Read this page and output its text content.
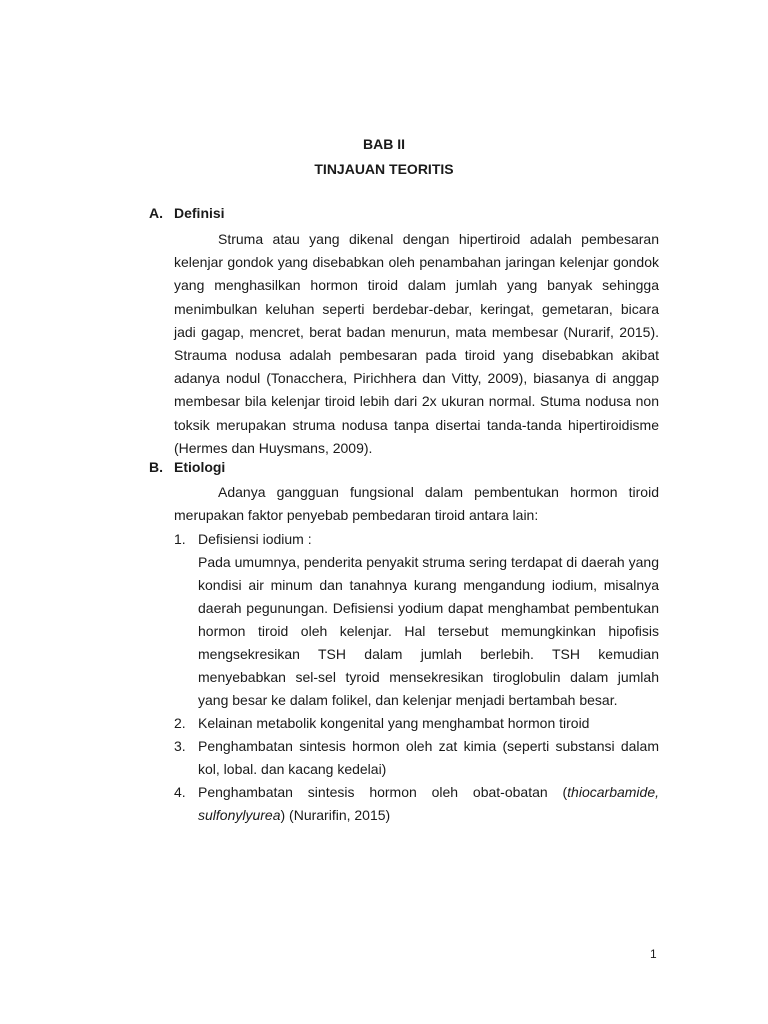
BAB II
TINJAUAN TEORITIS
A. Definisi

Struma atau yang dikenal dengan hipertiroid adalah pembesaran kelenjar gondok yang disebabkan oleh penambahan jaringan kelenjar gondok yang menghasilkan hormon tiroid dalam jumlah yang banyak sehingga menimbulkan keluhan seperti berdebar-debar, keringat, gemetaran, bicara jadi gagap, mencret, berat badan menurun, mata membesar (Nurarif, 2015). Strauma nodusa adalah pembesaran pada tiroid yang disebabkan akibat adanya nodul (Tonacchera, Pirichhera dan Vitty, 2009), biasanya di anggap membesar bila kelenjar tiroid lebih dari 2x ukuran normal. Stuma nodusa non toksik merupakan struma nodusa tanpa disertai tanda-tanda hipertiroidisme (Hermes dan Huysmans, 2009).

B. Etiologi

Adanya gangguan fungsional dalam pembentukan hormon tiroid merupakan faktor penyebab pembedaran tiroid antara lain:

1. Defisiensi iodium :
Pada umumnya, penderita penyakit struma sering terdapat di daerah yang kondisi air minum dan tanahnya kurang mengandung iodium, misalnya daerah pegunungan. Defisiensi yodium dapat menghambat pembentukan hormon tiroid oleh kelenjar. Hal tersebut memungkinkan hipofisis mengsekresikan TSH dalam jumlah berlebih. TSH kemudian menyebabkan sel-sel tyroid mensekresikan tiroglobulin dalam jumlah yang besar ke dalam folikel, dan kelenjar menjadi bertambah besar.
2. Kelainan metabolik kongenital yang menghambat hormon tiroid
3. Penghambatan sintesis hormon oleh zat kimia (seperti substansi dalam kol, lobal. dan kacang kedelai)
4. Penghambatan sintesis hormon oleh obat-obatan (thiocarbamide, sulfonylyurea) (Nurarifin, 2015)
1
